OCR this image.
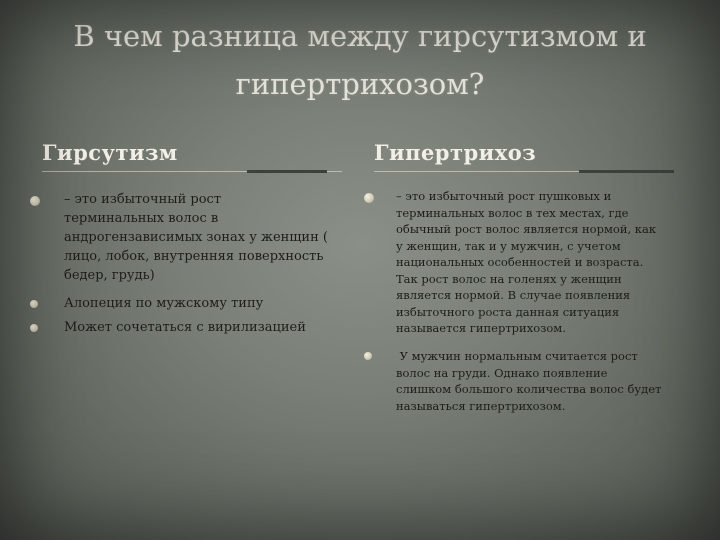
В чем разница между гирсутизмом и
гипертрихозом?
Гирсутизм
– это избыточный рост
терминальных волос в
андрогензависимых зонах у женщин (
лицо, лобок, внутренняя поверхность
бедер, грудь)
Алопеция по мужскому типу
Может сочетаться с вирилизацией
Гипертрихоз
– это избыточный рост пушковых и
терминальных волос в тех местах, где
обычный рост волос является нормой, как
у женщин, так и у мужчин, с учетом
национальных особенностей и возраста.
Так рост волос на голенях у женщин
является нормой. В случае появления
избыточного роста данная ситуация
называется гипертрихозом.
У мужчин нормальным считается рост
волос на груди. Однако появление
слишком большого количества волос будет
называться гипертрихозом.
